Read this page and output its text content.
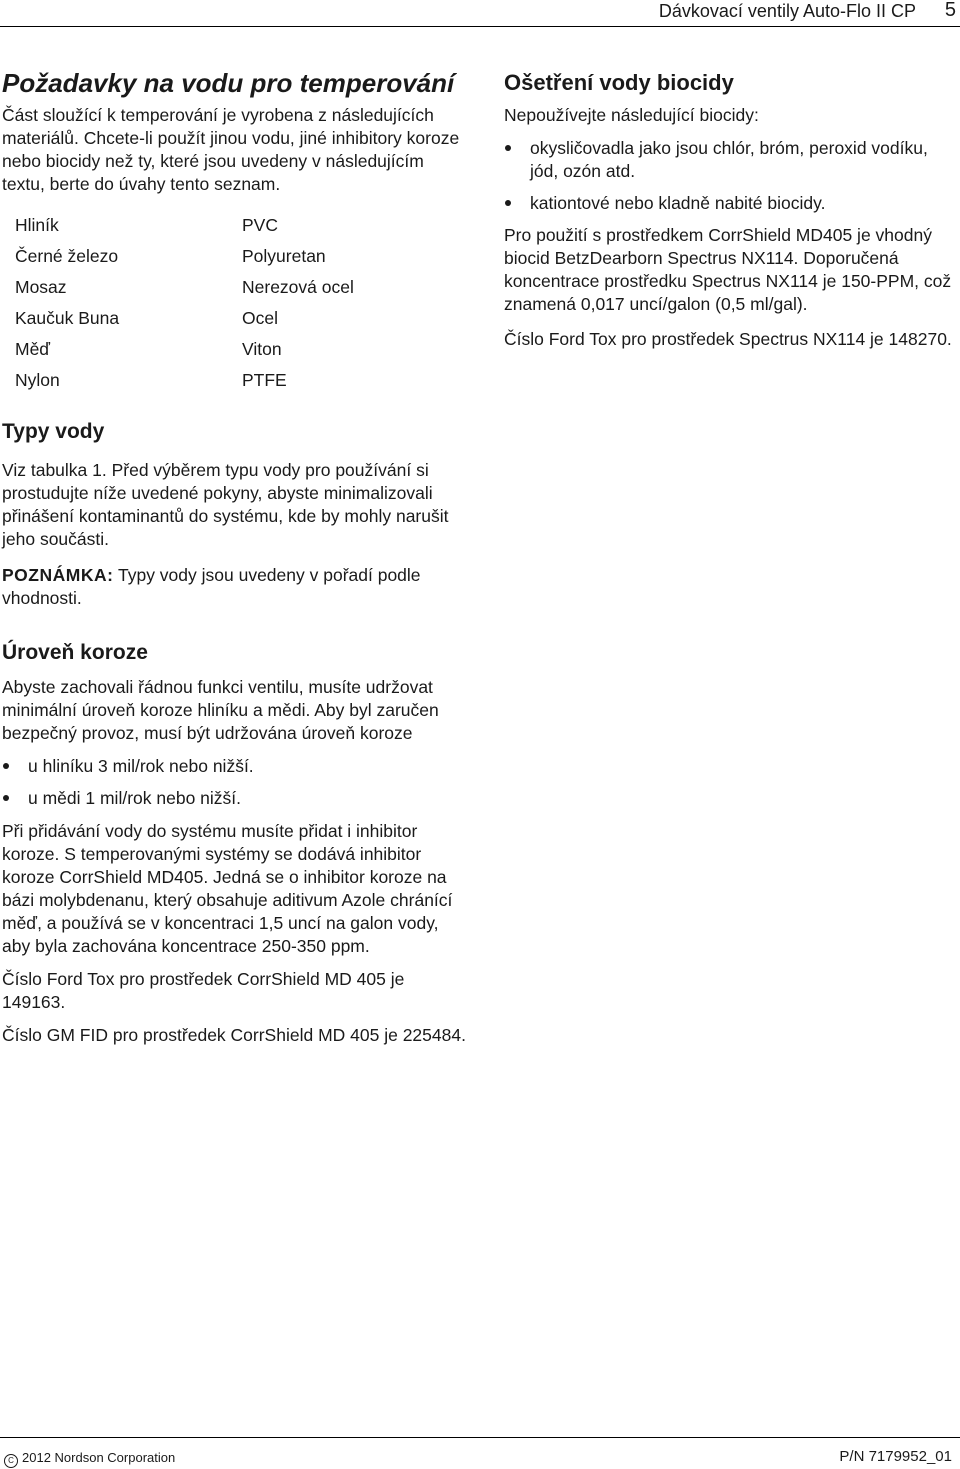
Dávkovací ventily Auto-Flo II CP 5
Požadavky na vodu pro temperování

Část sloužící k temperování je vyrobena z následujících materiálů. Chcete-li použít jinou vodu, jiné inhibitory koroze nebo biocidy než ty, které jsou uvedeny v následujícím textu, berte do úvahy tento seznam.

Hliník
Černé železo
Mosaz
Kaučuk Buna
Měď
Nylon
PVC
Polyuretan
Nerezová ocel
Ocel
Viton
PTFE
Typy vody

Viz tabulka 1. Před výběrem typu vody pro používání si prostudujte níže uvedené pokyny, abyste minimalizovali přinášení kontaminantů do systému, kde by mohly narušit jeho součásti.

POZNÁMKA: Typy vody jsou uvedeny v pořadí podle vhodnosti.

Úroveň koroze

Abyste zachovali řádnou funkci ventilu, musíte udržovat minimální úroveň koroze hliníku a mědi. Aby byl zaručen bezpečný provoz, musí být udržována úroveň koroze

u hliníku 3 mil/rok nebo nižší.
u mědi 1 mil/rok nebo nižší.

Při přidávání vody do systému musíte přidat i inhibitor koroze. S temperovanými systémy se dodává inhibitor koroze CorrShield MD405. Jedná se o inhibitor koroze na bázi molybdenanu, který obsahuje aditivum Azole chránící měď, a používá se v koncentraci 1,5 uncí na galon vody, aby byla zachována koncentrace 250-350 ppm.

Číslo Ford Tox pro prostředek CorrShield MD 405 je 149163.

Číslo GM FID pro prostředek CorrShield MD 405 je 225484.

Ošetření vody biocidy

Nepoužívejte následující biocidy:

okysličovadla jako jsou chlór, bróm, peroxid vodíku, jód, ozón atd.
kationtové nebo kladně nabité biocidy.

Pro použití s prostředkem CorrShield MD405 je vhodný biocid BetzDearborn Spectrus NX114. Doporučená koncentrace prostředku Spectrus NX114 je 150-PPM, což znamená 0,017 uncí/galon (0,5 ml/gal).

Číslo Ford Tox pro prostředek Spectrus NX114 je 148270.

C 2012 Nordson Corporation	P/N 7179952_01
